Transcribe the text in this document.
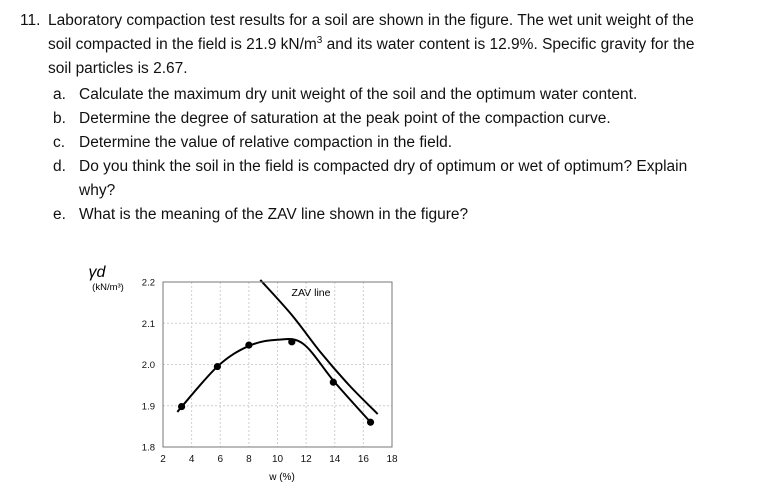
11. Laboratory compaction test results for a soil are shown in the figure. The wet unit weight of the
soil compacted in the field is 21.9 $kN/m^3$ and its water content is 12.9%. Specific gravity for the
soil particles is 2.67.
a. Calculate the maximum dry unit weight of the soil and the optimum water content.
b. Determine the degree of saturation at the peak point of the compaction curve.
c. Determine the value of relative compaction in the field.
d. Do you think the soil in the field is compacted dry of optimum or wet of optimum? Explain
why?
e. What is the meaning of the ZAV line shown in the figure?
γd
(kN/m³)
w (%)
ZAV line
2 4 6 8 10 12 14 16 18
1.8
1.9
2.0
2.1
2.2
